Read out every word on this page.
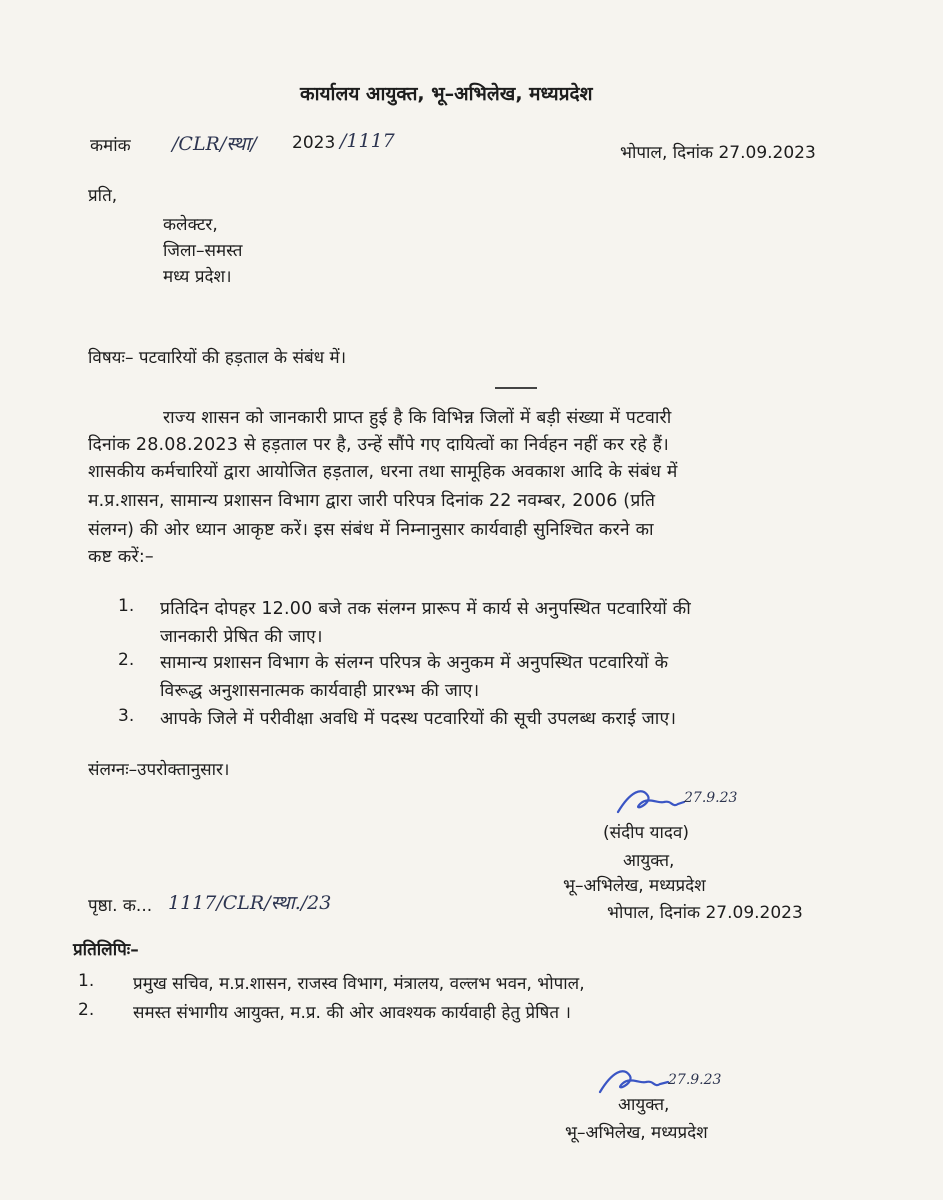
कार्यालय आयुक्त, भू–अभिलेख, मध्यप्रदेश
कमांक /CLR/स्था/ 2023 /1117
भोपाल, दिनांक 27.09.2023
प्रति,
कलेक्टर,
जिला–समस्त
मध्य प्रदेश।
विषयः– पटवारियों की हड़ताल के संबंध में।
राज्य शासन को जानकारी प्राप्त हुई है कि विभिन्न जिलों में बड़ी संख्या में पटवारी
दिनांक 28.08.2023 से हड़ताल पर है, उन्हें सौंपे गए दायित्वों का निर्वहन नहीं कर रहे हैं।
शासकीय कर्मचारियों द्वारा आयोजित हड़ताल, धरना तथा सामूहिक अवकाश आदि के संबंध में
म.प्र.शासन, सामान्य प्रशासन विभाग द्वारा जारी परिपत्र दिनांक 22 नवम्बर, 2006 (प्रति
संलग्न) की ओर ध्यान आकृष्ट करें। इस संबंध में निम्नानुसार कार्यवाही सुनिश्चित करने का
कष्ट करें:–
1. प्रतिदिन दोपहर 12.00 बजे तक संलग्न प्रारूप में कार्य से अनुपस्थित पटवारियों की
जानकारी प्रेषित की जाए।
2. सामान्य प्रशासन विभाग के संलग्न परिपत्र के अनुकम में अनुपस्थित पटवारियों के
विरूद्ध अनुशासनात्मक कार्यवाही प्रारभ्भ की जाए।
3. आपके जिले में परीवीक्षा अवधि में पदस्थ पटवारियों की सूची उपलब्ध कराई जाए।
संलग्नः–उपरोक्तानुसार।
27.9.23
(संदीप यादव)
आयुक्त,
भू–अभिलेख, मध्यप्रदेश
पृष्ठा. क... 1117/CLR/स्था./23	भोपाल, दिनांक 27.09.2023
प्रतिलिपिः–
1. प्रमुख सचिव, म.प्र.शासन, राजस्व विभाग, मंत्रालय, वल्लभ भवन, भोपाल,
2. समस्त संभागीय आयुक्त, म.प्र. की ओर आवश्यक कार्यवाही हेतु प्रेषित ।
27.9.23
आयुक्त,
भू–अभिलेख, मध्यप्रदेश
